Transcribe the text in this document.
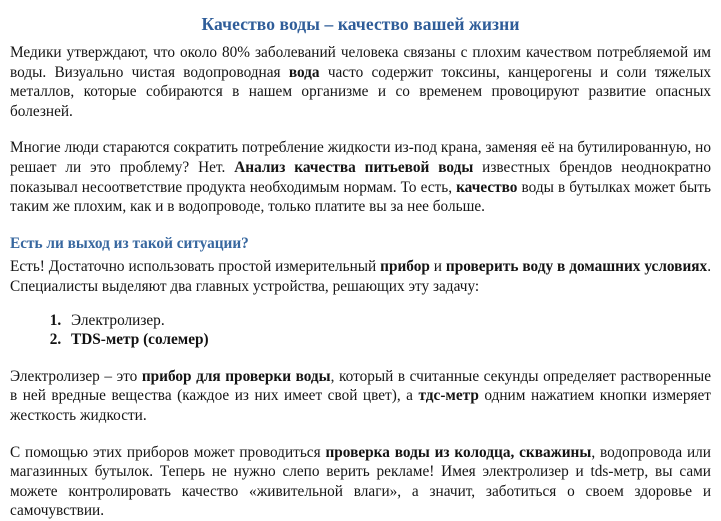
Качество воды – качество вашей жизни

Медики утверждают, что около 80% заболеваний человека связаны с плохим качеством потребляемой им воды. Визуально чистая водопроводная вода часто содержит токсины, канцерогены и соли тяжелых металлов, которые собираются в нашем организме и со временем провоцируют развитие опасных болезней.

Многие люди стараются сократить потребление жидкости из-под крана, заменяя её на бутилированную, но решает ли это проблему? Нет. Анализ качества питьевой воды известных брендов неоднократно показывал несоответствие продукта необходимым нормам. То есть, качество воды в бутылках может быть таким же плохим, как и в водопроводе, только платите вы за нее больше.

Есть ли выход из такой ситуации?

Есть! Достаточно использовать простой измерительный прибор и проверить воду в домашних условиях. Специалисты выделяют два главных устройства, решающих эту задачу:

1. Электролизер.
2. TDS-метр (солемер)

Электролизер – это прибор для проверки воды, который в считанные секунды определяет растворенные в ней вредные вещества (каждое из них имеет свой цвет), а тдс-метр одним нажатием кнопки измеряет жесткость жидкости.

С помощью этих приборов может проводиться проверка воды из колодца, скважины, водопровода или магазинных бутылок. Теперь не нужно слепо верить рекламе! Имея электролизер и tds-метр, вы сами можете контролировать качество «живительной влаги», а значит, заботиться о своем здоровье и самочувствии.
